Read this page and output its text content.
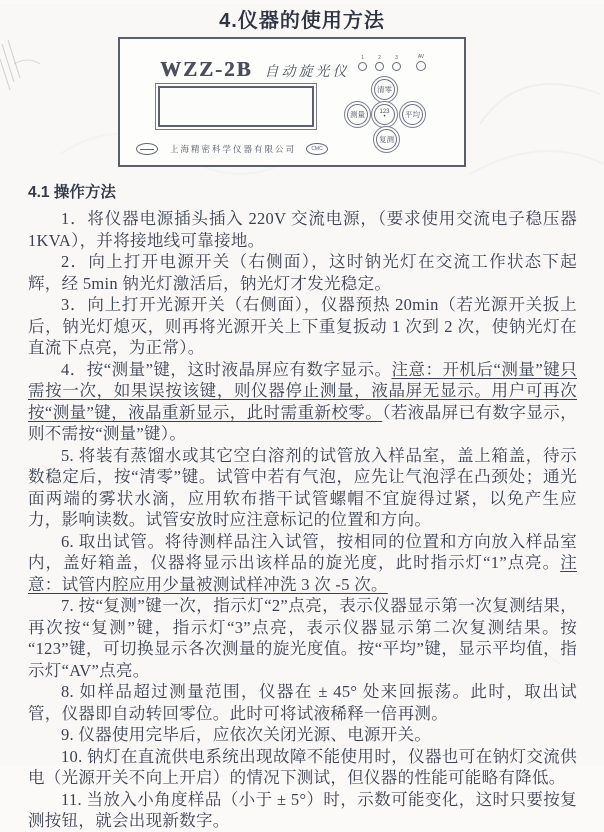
4.仪器的使用方法
WZZ-2B 自动旋光仪
1	2	3	AV
清零
测量	123
•	平均
复测
上海精密科学仪器有限公司	CMC
4.1 操作方法

1．将仪器电源插头插入 220V 交流电源，（要求使用交流电子稳压器 1KVA），并将接地线可靠接地。

2．向上打开电源开关（右侧面），这时钠光灯在交流工作状态下起辉，经 5min 钠光灯激活后，钠光灯才发光稳定。

3．向上打开光源开关（右侧面），仪器预热 20min（若光源开关扳上后，钠光灯熄灭，则再将光源开关上下重复扳动 1 次到 2 次，使钠光灯在直流下点亮，为正常）。

4．按“测量”键，这时液晶屏应有数字显示。注意：开机后“测量”键只需按一次，如果误按该键，则仪器停止测量，液晶屏无显示。用户可再次按“测量”键，液晶重新显示，此时需重新校零。（若液晶屏已有数字显示，则不需按“测量”键）。

5. 将装有蒸馏水或其它空白溶剂的试管放入样品室，盖上箱盖，待示数稳定后，按“清零”键。试管中若有气泡，应先让气泡浮在凸颈处；通光面两端的雾状水滴，应用软布揩干试管螺帽不宜旋得过紧，以免产生应力，影响读数。试管安放时应注意标记的位置和方向。

6. 取出试管。将待测样品注入试管，按相同的位置和方向放入样品室内，盖好箱盖，仪器将显示出该样品的旋光度，此时指示灯“1”点亮。注意：试管内腔应用少量被测试样冲洗 3 次 -5 次。

7. 按“复测”键一次，指示灯“2”点亮，表示仪器显示第一次复测结果，再次按“复测”键，指示灯“3”点亮，表示仪器显示第二次复测结果。按“123”键，可切换显示各次测量的旋光度值。按“平均”键，显示平均值，指示灯“AV”点亮。

8. 如样品超过测量范围，仪器在 ± 45° 处来回振荡。此时，取出试管，仪器即自动转回零位。此时可将试液稀释一倍再测。

9. 仪器使用完毕后，应依次关闭光源、电源开关。

10. 钠灯在直流供电系统出现故障不能使用时，仪器也可在钠灯交流供电（光源开关不向上开启）的情况下测试，但仪器的性能可能略有降低。

11. 当放入小角度样品（小于 ± 5°）时，示数可能变化，这时只要按复测按钮，就会出现新数字。
